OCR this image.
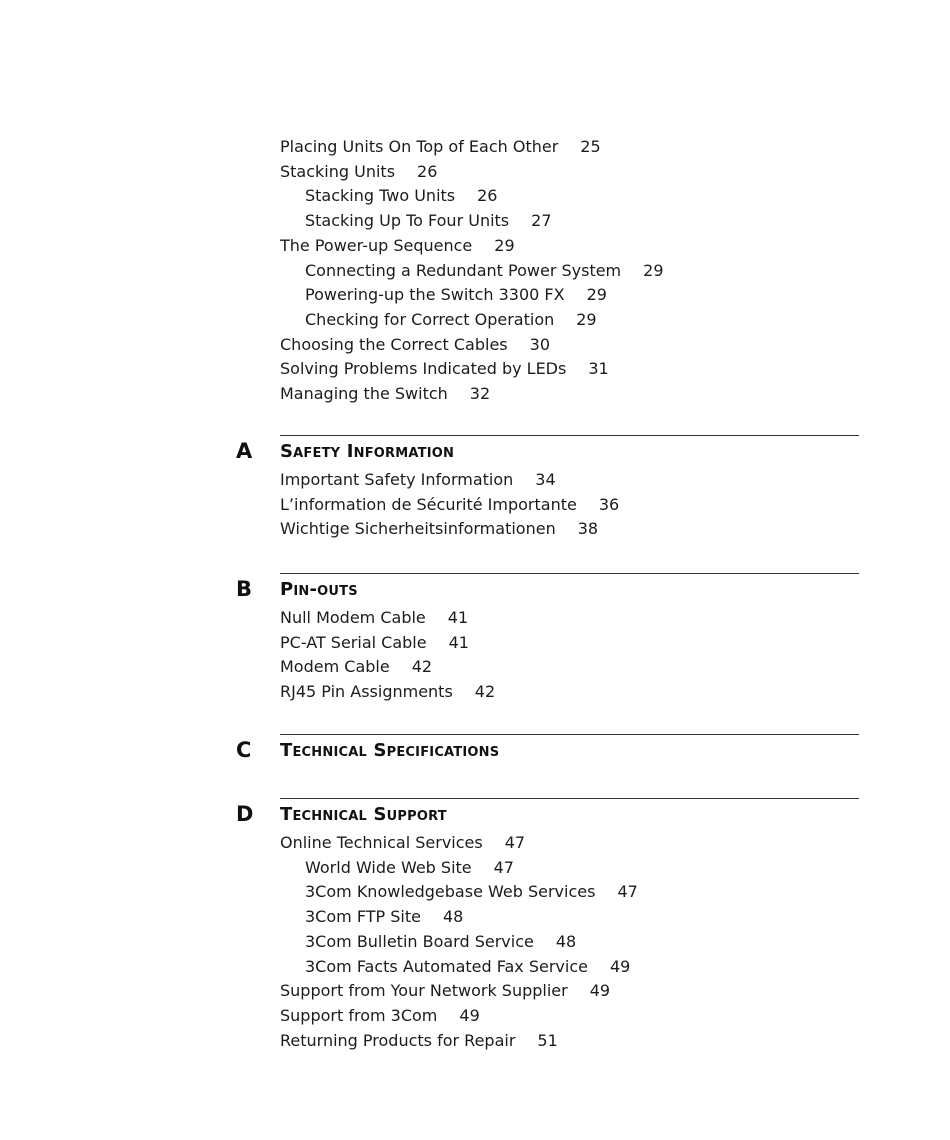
Placing Units On Top of Each Other 25
Stacking Units 26
Stacking Two Units 26
Stacking Up To Four Units 27
The Power-up Sequence 29
Connecting a Redundant Power System 29
Powering-up the Switch 3300 FX 29
Checking for Correct Operation 29
Choosing the Correct Cables 30
Solving Problems Indicated by LEDs 31
Managing the Switch 32
A Safety Information
Important Safety Information 34
L’information de Sécurité Importante 36
Wichtige Sicherheitsinformationen 38
B Pin-outs
Null Modem Cable 41
PC-AT Serial Cable 41
Modem Cable 42
RJ45 Pin Assignments 42
C Technical Specifications
D Technical Support
Online Technical Services 47
World Wide Web Site 47
3Com Knowledgebase Web Services 47
3Com FTP Site 48
3Com Bulletin Board Service 48
3Com Facts Automated Fax Service 49
Support from Your Network Supplier 49
Support from 3Com 49
Returning Products for Repair 51
